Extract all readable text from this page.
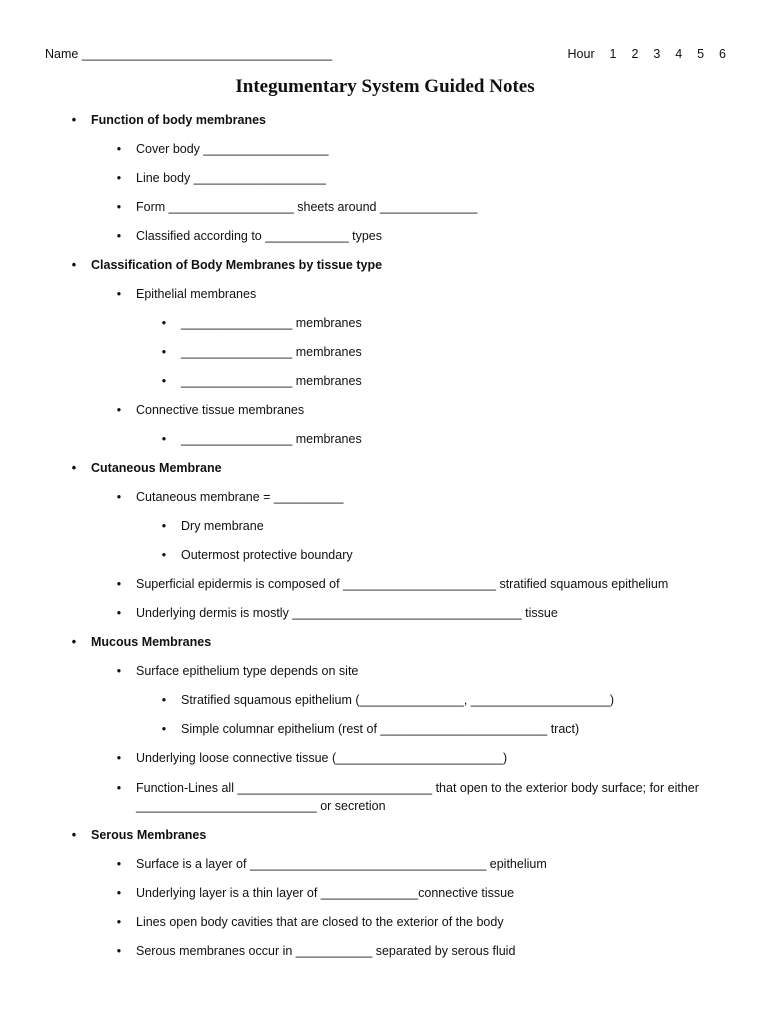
Name ____________________________________	Hour  1  2  3  4  5  6
Integumentary System Guided Notes
• Function of body membranes
• Cover body __________________
• Line body ___________________
• Form __________________ sheets around ______________
• Classified according to ____________ types
• Classification of Body Membranes by tissue type
• Epithelial membranes
• ________________ membranes
• ________________ membranes
• ________________ membranes
• Connective tissue membranes
• ________________ membranes
• Cutaneous Membrane
• Cutaneous membrane = __________
• Dry membrane
• Outermost protective boundary
• Superficial epidermis is composed of ______________________ stratified squamous epithelium
• Underlying dermis is mostly _________________________________ tissue
• Mucous Membranes
• Surface epithelium type depends on site
• Stratified squamous epithelium (_______________, ____________________)
• Simple columnar epithelium (rest of ________________________ tract)
• Underlying loose connective tissue (________________________)
• Function-Lines all ____________________________ that open to the exterior body surface; for either __________________________ or secretion
• Serous Membranes
• Surface is a layer of __________________________________ epithelium
• Underlying layer is a thin layer of ______________connective tissue
• Lines open body cavities that are closed to the exterior of the body
• Serous membranes occur in ___________ separated by serous fluid
